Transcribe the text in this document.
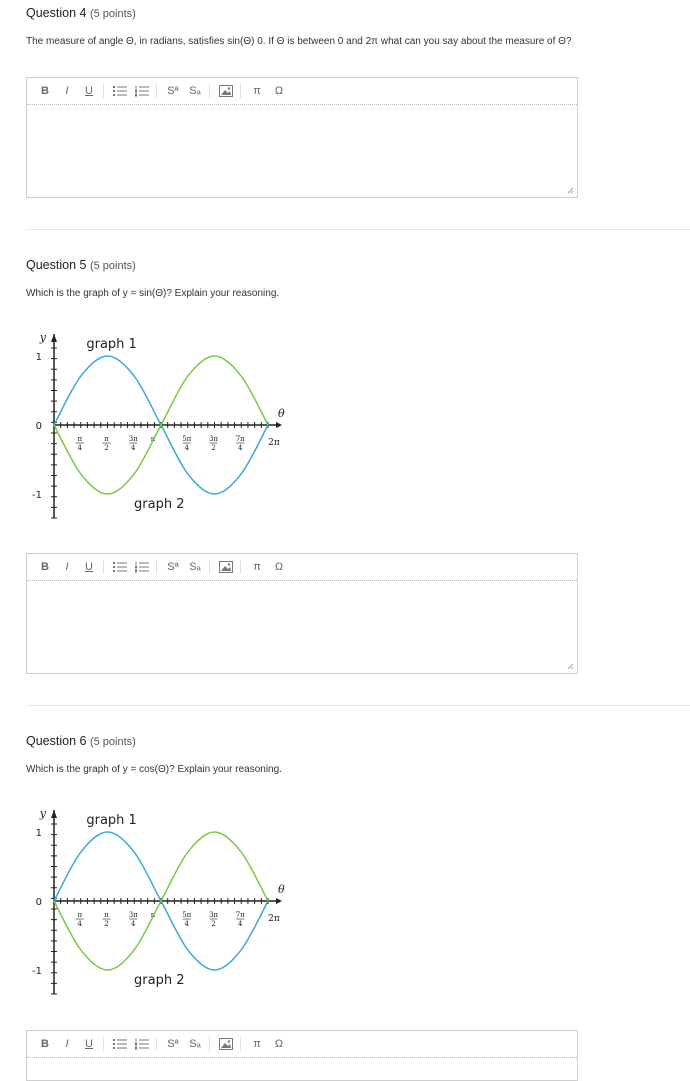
Question 4 (5 points)
The measure of angle Θ, in radians, satisfies sin(Θ) 0. If Θ is between 0 and 2π what can you say about the measure of Θ?
B	I	U	Sª Sₐ	π	Ω
Question 5 (5 points)
Which is the graph of y = sin(Θ)? Explain your reasoning.
1
0
-1
y
θ
π
4
π
2
3π
4
π	5π
4
3π
2
7π
4	2π
graph 1
graph 2
B	I	U	Sª Sₐ	π	Ω
Question 6 (5 points)
Which is the graph of y = cos(Θ)? Explain your reasoning.
1
0
-1
y
θ
π
4
π
2
3π
4
π	5π
4
3π
2
7π
4	2π
graph 1
graph 2
B	I	U	Sª Sₐ	π	Ω
